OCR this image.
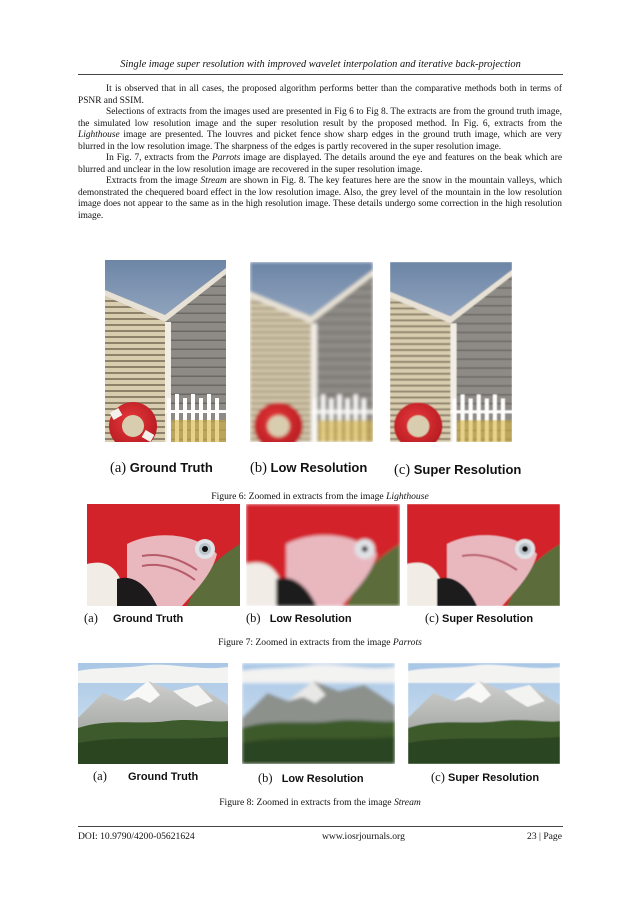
Single image super resolution with improved wavelet interpolation and iterative back-projection

It is observed that in all cases, the proposed algorithm performs better than the comparative methods both in terms of PSNR and SSIM.

Selections of extracts from the images used are presented in Fig 6 to Fig 8. The extracts are from the ground truth image, the simulated low resolution image and the super resolution result by the proposed method. In Fig. 6, extracts from the Lighthouse image are presented. The louvres and picket fence show sharp edges in the ground truth image, which are very blurred in the low resolution image. The sharpness of the edges is partly recovered in the super resolution image.

In Fig. 7, extracts from the Parrots image are displayed. The details around the eye and features on the beak which are blurred and unclear in the low resolution image are recovered in the super resolution image.

Extracts from the image Stream are shown in Fig. 8. The key features here are the snow in the mountain valleys, which demonstrated the chequered board effect in the low resolution image. Also, the grey level of the mountain in the low resolution image does not appear to the same as in the high resolution image. These details undergo some correction in the high resolution image.

(a) Ground Truth	(b) Low Resolution (c) Super Resolution
Figure 6: Zoomed in extracts from the image Lighthouse
(a) Ground Truth	(b) Low Resolution	(c) Super Resolution
Figure 7: Zoomed in extracts from the image Parrots
(a) Ground Truth	(b) Low Resolution	(c) Super Resolution
Figure 8: Zoomed in extracts from the image Stream
DOI: 10.9790/4200-05621624	www.iosrjournals.org	23 | Page
